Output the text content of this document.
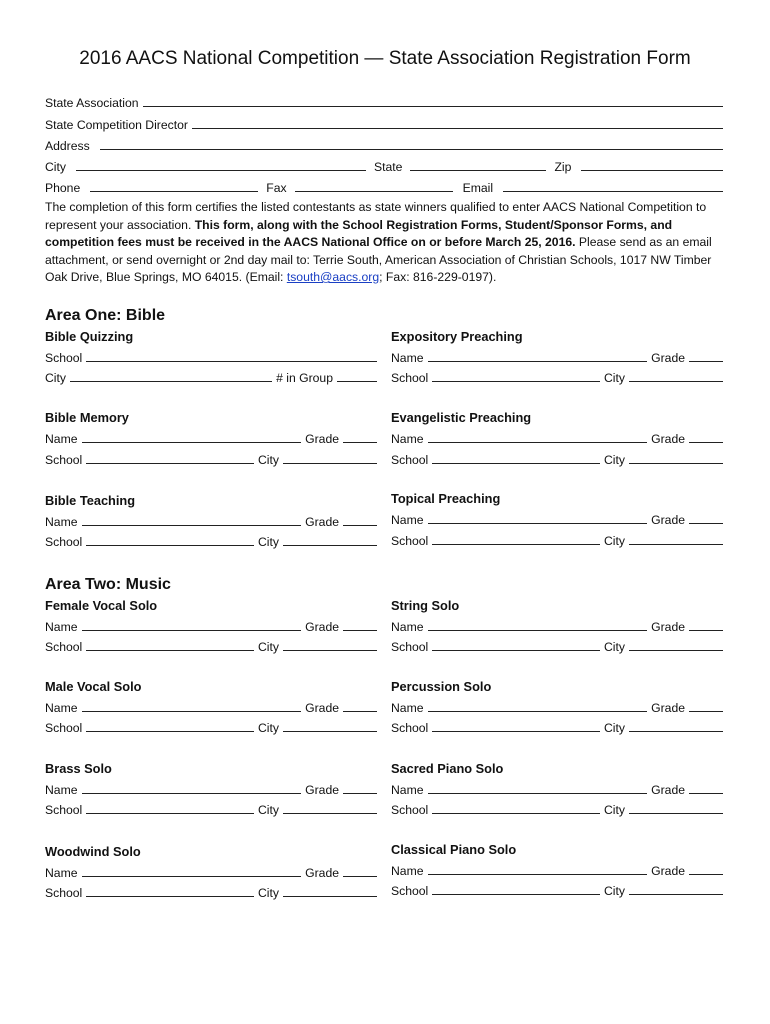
2016 AACS National Competition — State Association Registration Form
State Association
State Competition Director
Address
City	State	Zip
Phone	Fax	Email
The completion of this form certifies the listed contestants as state winners qualified to enter AACS National Competition to represent your association. This form, along with the School Registration Forms, Student/Sponsor Forms, and competition fees must be received in the AACS National Office on or before March 25, 2016. Please send as an email attachment, or send overnight or 2nd day mail to: Terrie South, American Association of Christian Schools, 1017 NW Timber Oak Drive, Blue Springs, MO 64015. (Email: tsouth@aacs.org; Fax: 816-229-0197).
Area One: Bible
Bible Quizzing
School
City	# in Group
Expository Preaching
Name	Grade
School	City
Bible Memory
Name	Grade
School	City
Evangelistic Preaching
Name	Grade
School	City
Bible Teaching
Name	Grade
School	City
Topical Preaching
Name	Grade
School	City
Area Two: Music
Female Vocal Solo
Name	Grade
School	City
String Solo
Name	Grade
School	City
Male Vocal Solo
Name	Grade
School	City
Percussion Solo
Name	Grade
School	City
Brass Solo
Name	Grade
School	City
Sacred Piano Solo
Name	Grade
School	City
Woodwind Solo
Name	Grade
School	City
Classical Piano Solo
Name	Grade
School	City
